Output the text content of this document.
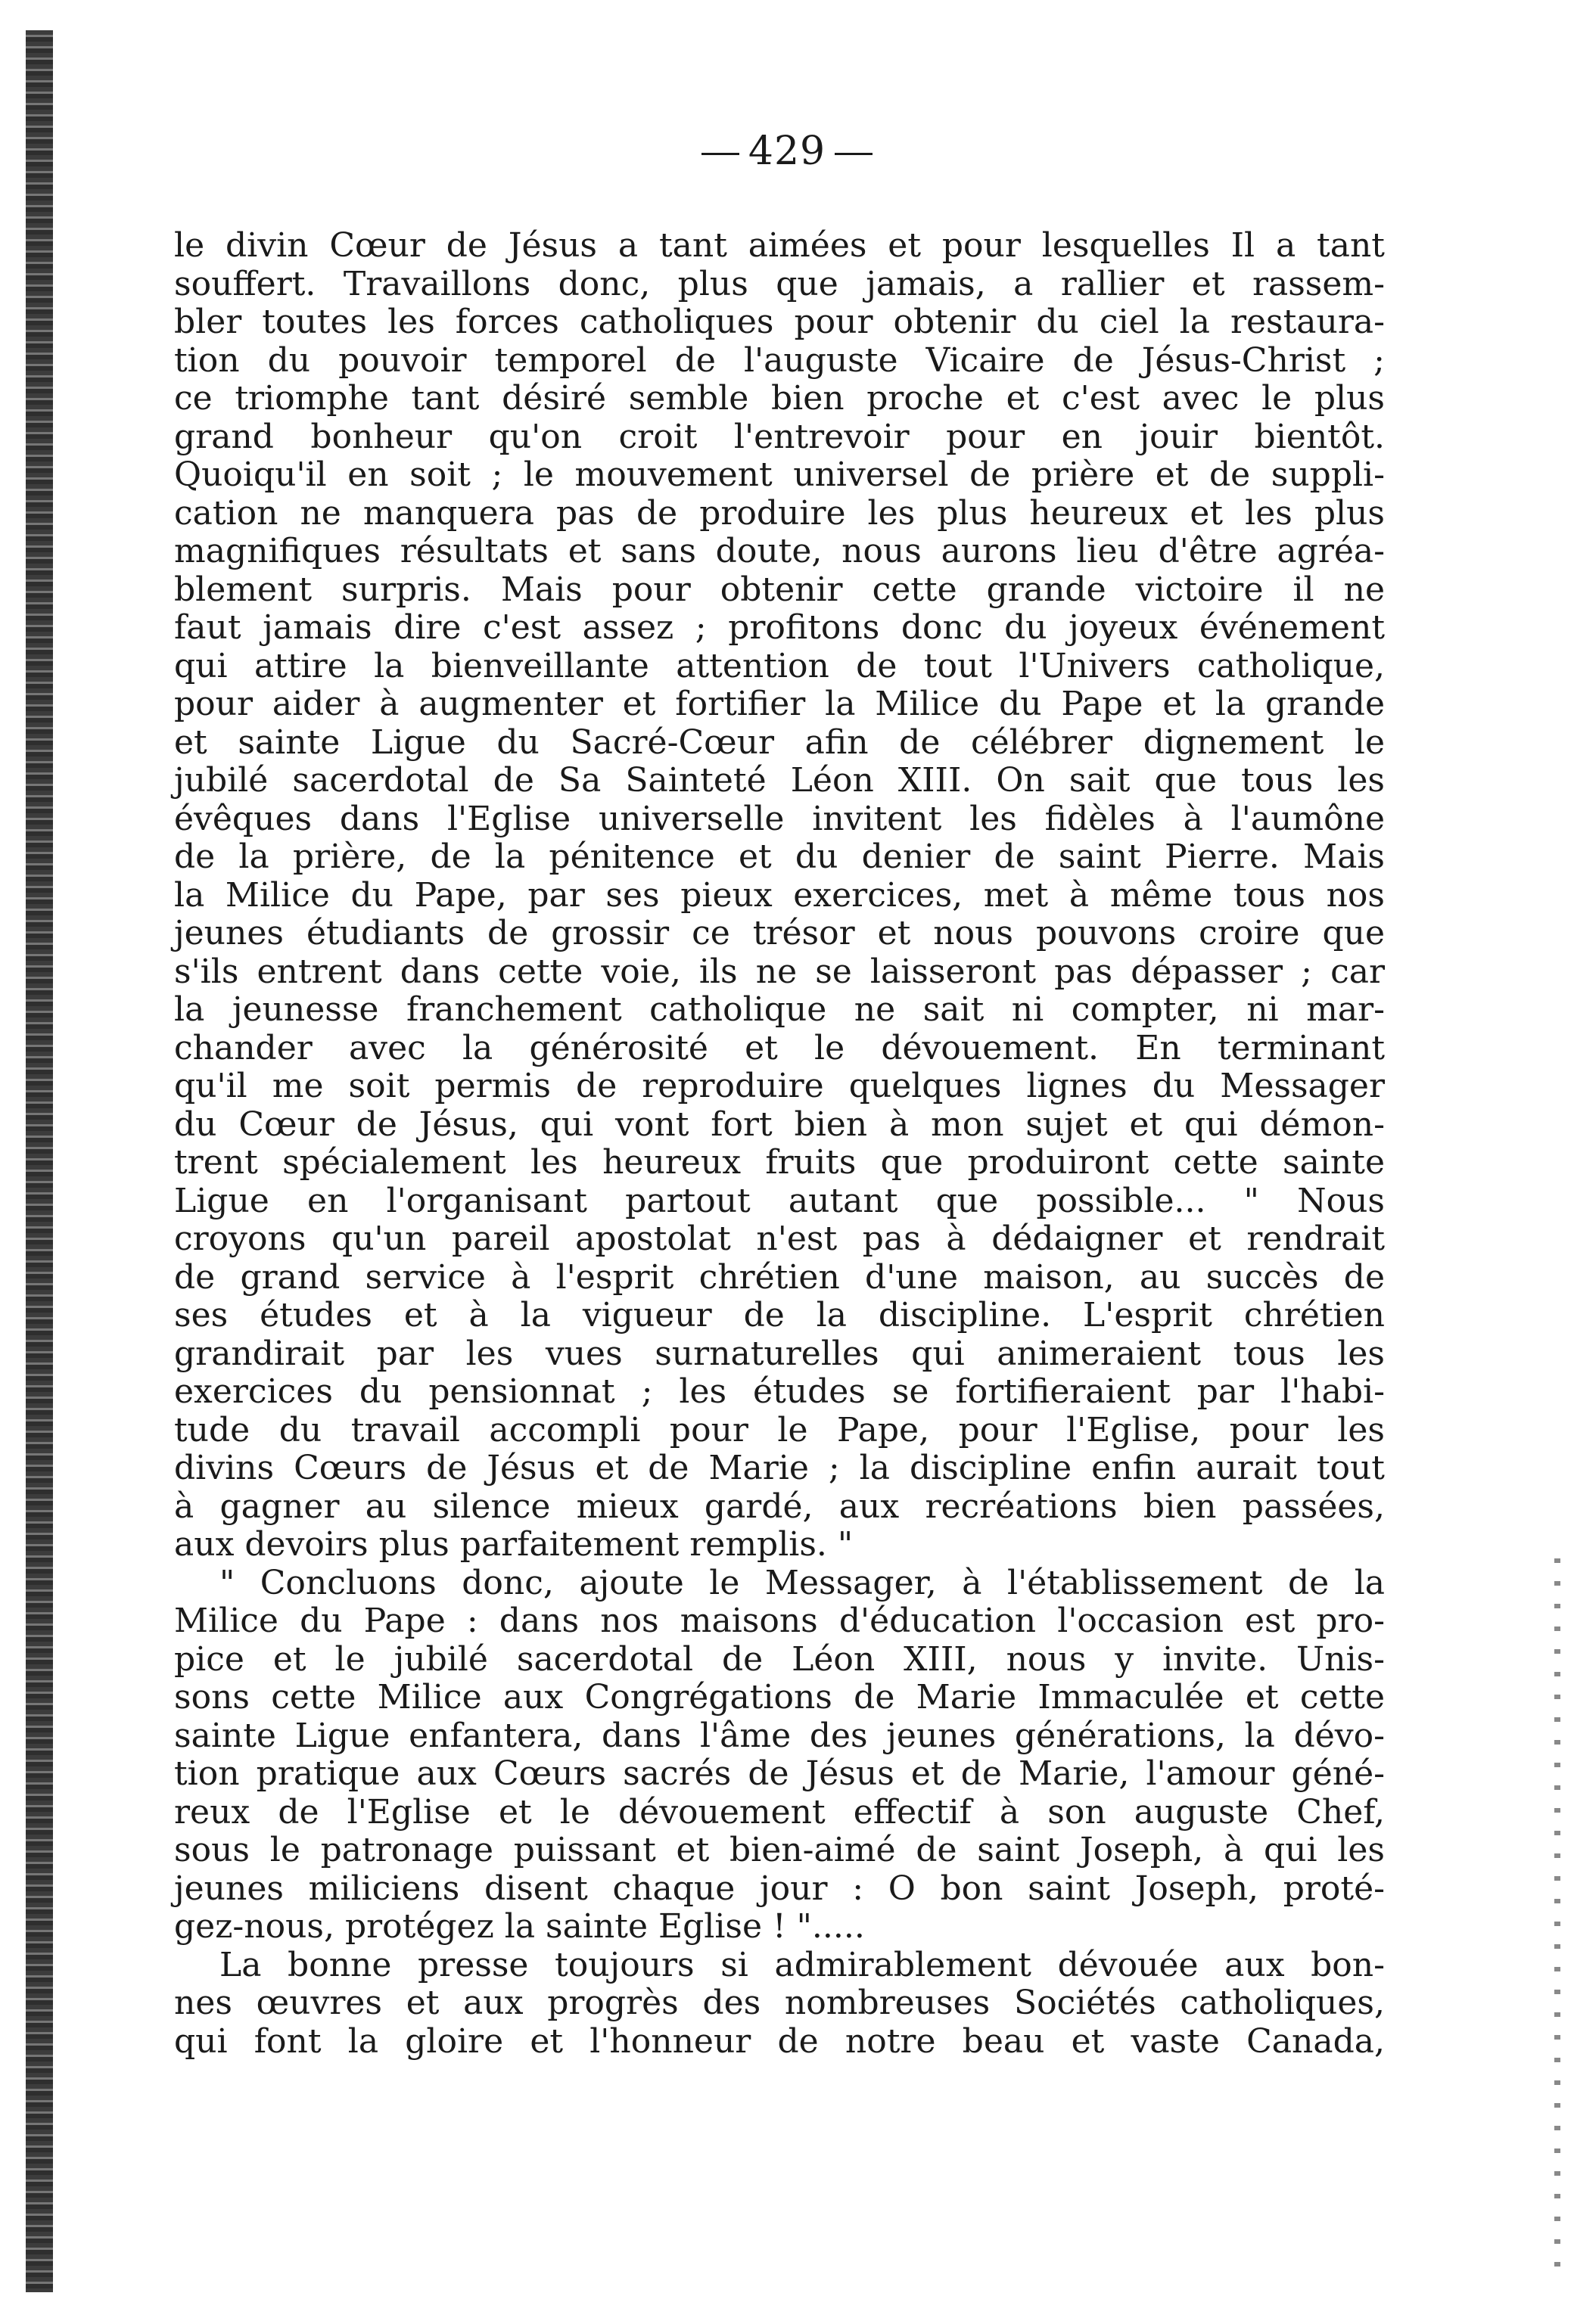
429
le divin Cœur de Jésus a tant aimées et pour lesquelles Il a tant
souffert. Travaillons donc, plus que jamais, a rallier et rassem-
bler toutes les forces catholiques pour obtenir du ciel la restaura-
tion du pouvoir temporel de l'auguste Vicaire de Jésus-Christ ;
ce triomphe tant désiré semble bien proche et c'est avec le plus
grand bonheur qu'on croit l'entrevoir pour en jouir bientôt.
Quoiqu'il en soit ; le mouvement universel de prière et de suppli-
cation ne manquera pas de produire les plus heureux et les plus
magnifiques résultats et sans doute, nous aurons lieu d'être agréa-
blement surpris. Mais pour obtenir cette grande victoire il ne
faut jamais dire c'est assez ; profitons donc du joyeux événement
qui attire la bienveillante attention de tout l'Univers catholique,
pour aider à augmenter et fortifier la Milice du Pape et la grande
et sainte Ligue du Sacré-Cœur afin de célébrer dignement le
jubilé sacerdotal de Sa Sainteté Léon XIII. On sait que tous les
évêques dans l'Eglise universelle invitent les fidèles à l'aumône
de la prière, de la pénitence et du denier de saint Pierre. Mais
la Milice du Pape, par ses pieux exercices, met à même tous nos
jeunes étudiants de grossir ce trésor et nous pouvons croire que
s'ils entrent dans cette voie, ils ne se laisseront pas dépasser ; car
la jeunesse franchement catholique ne sait ni compter, ni mar-
chander avec la générosité et le dévouement. En terminant
qu'il me soit permis de reproduire quelques lignes du Messager
du Cœur de Jésus, qui vont fort bien à mon sujet et qui démon-
trent spécialement les heureux fruits que produiront cette sainte
Ligue en l'organisant partout autant que possible... " Nous
croyons qu'un pareil apostolat n'est pas à dédaigner et rendrait
de grand service à l'esprit chrétien d'une maison, au succès de
ses études et à la vigueur de la discipline. L'esprit chrétien
grandirait par les vues surnaturelles qui animeraient tous les
exercices du pensionnat ; les études se fortifieraient par l'habi-
tude du travail accompli pour le Pape, pour l'Eglise, pour les
divins Cœurs de Jésus et de Marie ; la discipline enfin aurait tout
à gagner au silence mieux gardé, aux recréations bien passées,
aux devoirs plus parfaitement remplis. "
" Concluons donc, ajoute le Messager, à l'établissement de la
Milice du Pape : dans nos maisons d'éducation l'occasion est pro-
pice et le jubilé sacerdotal de Léon XIII, nous y invite. Unis-
sons cette Milice aux Congrégations de Marie Immaculée et cette
sainte Ligue enfantera, dans l'âme des jeunes générations, la dévo-
tion pratique aux Cœurs sacrés de Jésus et de Marie, l'amour géné-
reux de l'Eglise et le dévouement effectif à son auguste Chef,
sous le patronage puissant et bien-aimé de saint Joseph, à qui les
jeunes miliciens disent chaque jour : O bon saint Joseph, proté-
gez-nous, protégez la sainte Eglise ! ".....
La bonne presse toujours si admirablement dévouée aux bon-
nes œuvres et aux progrès des nombreuses Sociétés catholiques,
qui font la gloire et l'honneur de notre beau et vaste Canada,
